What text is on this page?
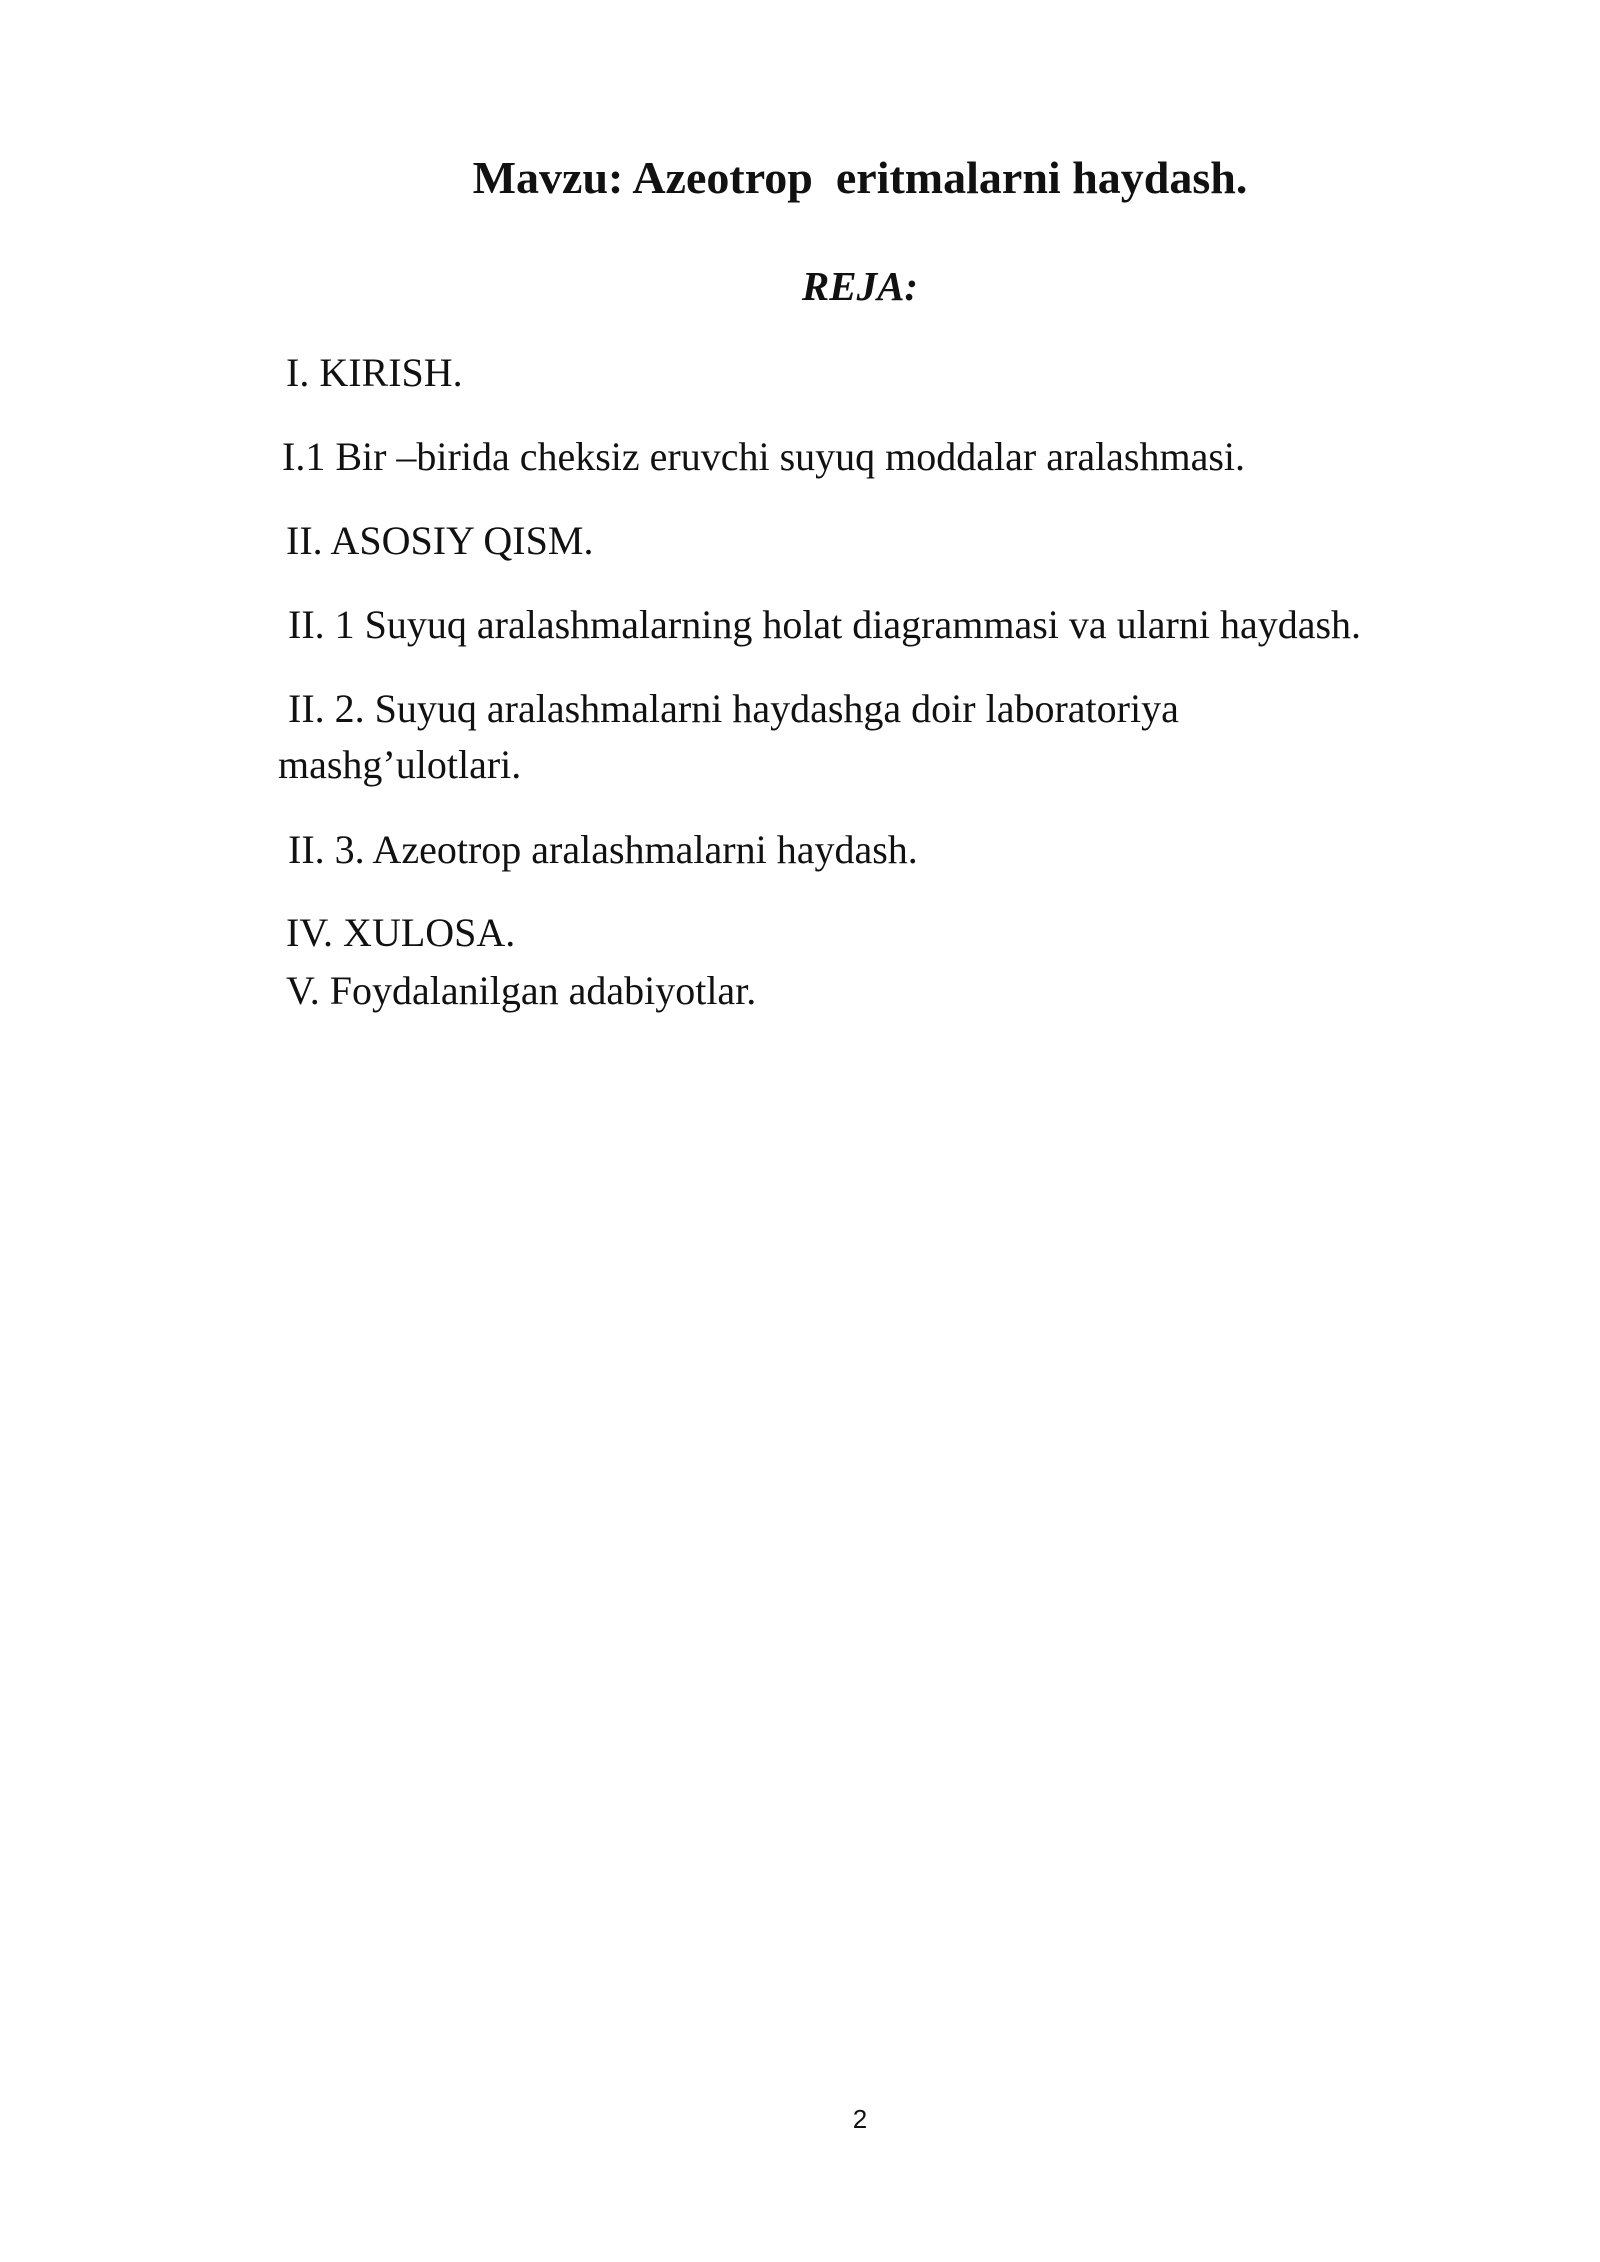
Mavzu: Azeotrop  eritmalarni haydash.
REJA:
I. KIRISH.
I.1 Bir –birida cheksiz eruvchi suyuq moddalar aralashmasi.
II. ASOSIY QISM.
II. 1 Suyuq aralashmalarning holat diagrammasi va ularni haydash.
II. 2. Suyuq aralashmalarni haydashga doir laboratoriya mashg’ulotlari.
II. 3. Azeotrop aralashmalarni haydash.
IV. XULOSA.
V. Foydalanilgan adabiyotlar.
2
